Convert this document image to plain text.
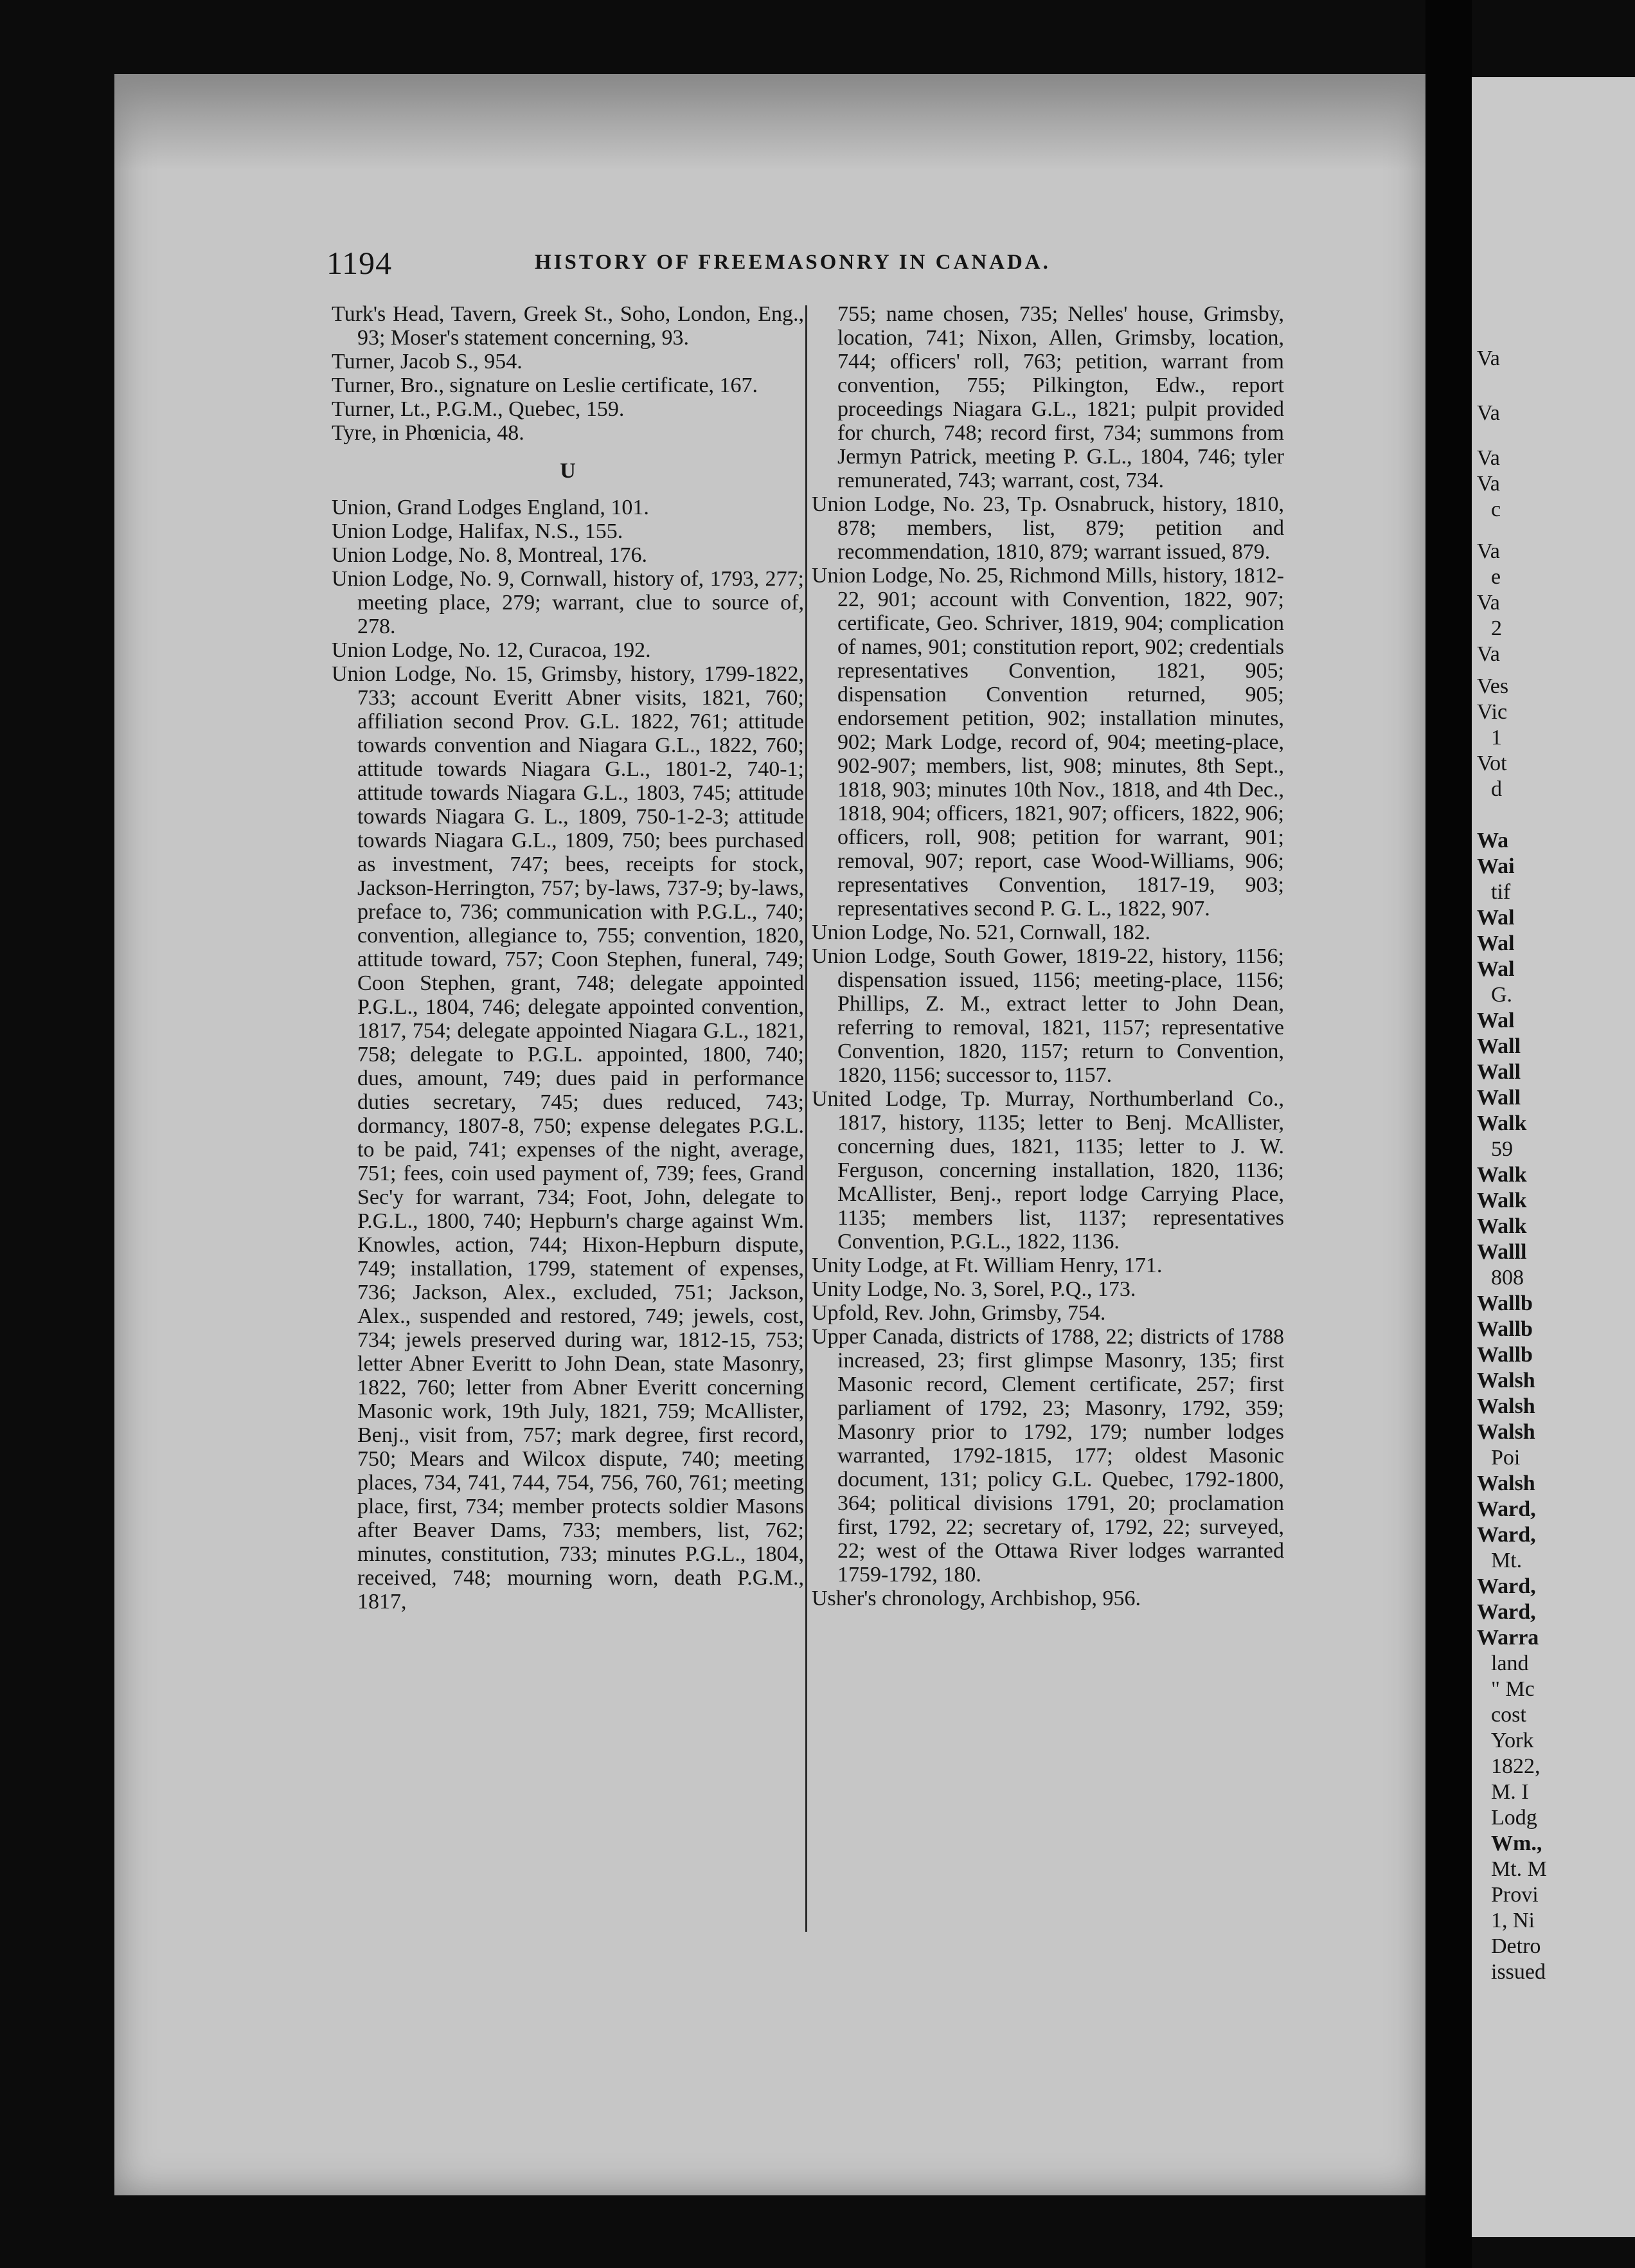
1194	HISTORY OF FREEMASONRY IN CANADA.

Turk's Head, Tavern, Greek St., Soho, London, Eng., 93; Moser's statement concerning, 93.

Turner, Jacob S., 954.

Turner, Bro., signature on Leslie certificate, 167.

Turner, Lt., P.G.M., Quebec, 159.

Tyre, in Phœnicia, 48.

U

Union, Grand Lodges England, 101.

Union Lodge, Halifax, N.S., 155.

Union Lodge, No. 8, Montreal, 176.

Union Lodge, No. 9, Cornwall, history of, 1793, 277; meeting place, 279; warrant, clue to source of, 278.

Union Lodge, No. 12, Curacoa, 192.

Union Lodge, No. 15, Grimsby, history, 1799-1822, 733; account Everitt Abner visits, 1821, 760; affiliation second Prov. G.L. 1822, 761; attitude towards convention and Niagara G.L., 1822, 760; attitude towards Niagara G.L., 1801-2, 740-1; attitude towards Niagara G.L., 1803, 745; attitude towards Niagara G. L., 1809, 750-1-2-3; attitude towards Niagara G.L., 1809, 750; bees purchased as investment, 747; bees, receipts for stock, Jackson-Herrington, 757; by-laws, 737-9; by-laws, preface to, 736; communication with P.G.L., 740; convention, allegiance to, 755; convention, 1820, attitude toward, 757; Coon Stephen, funeral, 749; Coon Stephen, grant, 748; delegate appointed P.G.L., 1804, 746; delegate appointed convention, 1817, 754; delegate appointed Niagara G.L., 1821, 758; delegate to P.G.L. appointed, 1800, 740; dues, amount, 749; dues paid in performance duties secretary, 745; dues reduced, 743; dormancy, 1807-8, 750; expense delegates P.G.L. to be paid, 741; expenses of the night, average, 751; fees, coin used payment of, 739; fees, Grand Sec'y for warrant, 734; Foot, John, delegate to P.G.L., 1800, 740; Hepburn's charge against Wm. Knowles, action, 744; Hixon-Hepburn dispute, 749; installation, 1799, statement of expenses, 736; Jackson, Alex., excluded, 751; Jackson, Alex., suspended and restored, 749; jewels, cost, 734; jewels preserved during war, 1812-15, 753; letter Abner Everitt to John Dean, state Masonry, 1822, 760; letter from Abner Everitt concerning Masonic work, 19th July, 1821, 759; McAllister, Benj., visit from, 757; mark degree, first record, 750; Mears and Wilcox dispute, 740; meeting places, 734, 741, 744, 754, 756, 760, 761; meeting place, first, 734; member protects soldier Masons after Beaver Dams, 733; members, list, 762; minutes, constitution, 733; minutes P.G.L., 1804, received, 748; mourning worn, death P.G.M., 1817,

755; name chosen, 735; Nelles' house, Grimsby, location, 741; Nixon, Allen, Grimsby, location, 744; officers' roll, 763; petition, warrant from convention, 755; Pilkington, Edw., report proceedings Niagara G.L., 1821; pulpit provided for church, 748; record first, 734; summons from Jermyn Patrick, meeting P. G.L., 1804, 746; tyler remunerated, 743; warrant, cost, 734.

Union Lodge, No. 23, Tp. Osnabruck, history, 1810, 878; members, list, 879; petition and recommendation, 1810, 879; warrant issued, 879.

Union Lodge, No. 25, Richmond Mills, history, 1812-22, 901; account with Convention, 1822, 907; certificate, Geo. Schriver, 1819, 904; complication of names, 901; constitution report, 902; credentials representatives Convention, 1821, 905; dispensation Convention returned, 905; endorsement petition, 902; installation minutes, 902; Mark Lodge, record of, 904; meeting-place, 902-907; members, list, 908; minutes, 8th Sept., 1818, 903; minutes 10th Nov., 1818, and 4th Dec., 1818, 904; officers, 1821, 907; officers, 1822, 906; officers, roll, 908; petition for warrant, 901; removal, 907; report, case Wood-Williams, 906; representatives Convention, 1817-19, 903; representatives second P. G. L., 1822, 907.

Union Lodge, No. 521, Cornwall, 182.

Union Lodge, South Gower, 1819-22, history, 1156; dispensation issued, 1156; meeting-place, 1156; Phillips, Z. M., extract letter to John Dean, referring to removal, 1821, 1157; representative Convention, 1820, 1157; return to Convention, 1820, 1156; successor to, 1157.

United Lodge, Tp. Murray, Northumberland Co., 1817, history, 1135; letter to Benj. McAllister, concerning dues, 1821, 1135; letter to J. W. Ferguson, concerning installation, 1820, 1136; McAllister, Benj., report lodge Carrying Place, 1135; members list, 1137; representatives Convention, P.G.L., 1822, 1136.

Unity Lodge, at Ft. William Henry, 171.

Unity Lodge, No. 3, Sorel, P.Q., 173.

Upfold, Rev. John, Grimsby, 754.

Upper Canada, districts of 1788, 22; districts of 1788 increased, 23; first glimpse Masonry, 135; first Masonic record, Clement certificate, 257; first parliament of 1792, 23; Masonry, 1792, 359; Masonry prior to 1792, 179; number lodges warranted, 1792-1815, 177; oldest Masonic document, 131; policy G.L. Quebec, 1792-1800, 364; political divisions 1791, 20; proclamation first, 1792, 22; secretary of, 1792, 22; surveyed, 22; west of the Ottawa River lodges warranted 1759-1792, 180.

Usher's chronology, Archbishop, 956.

Va
Va
Va
Va
c
Va
e
Va
2
Va
Ves
Vic
1
Vot
d
Wa
Wai
tif
Wal
Wal
Wal
G.
Wal
Wall
Wall
Wall
Walk
59
Walk
Walk
Walk
Walll
808
Wallb
Wallb
Wallb
Walsh
Walsh
Walsh
Poi
Walsh
Ward,
Ward,
Mt.
Ward,
Ward,
Warra
land
" Mc
cost
York
1822,
M. I
Lodg
Wm.,
Mt. M
Provi
1, Ni
Detro
issued
